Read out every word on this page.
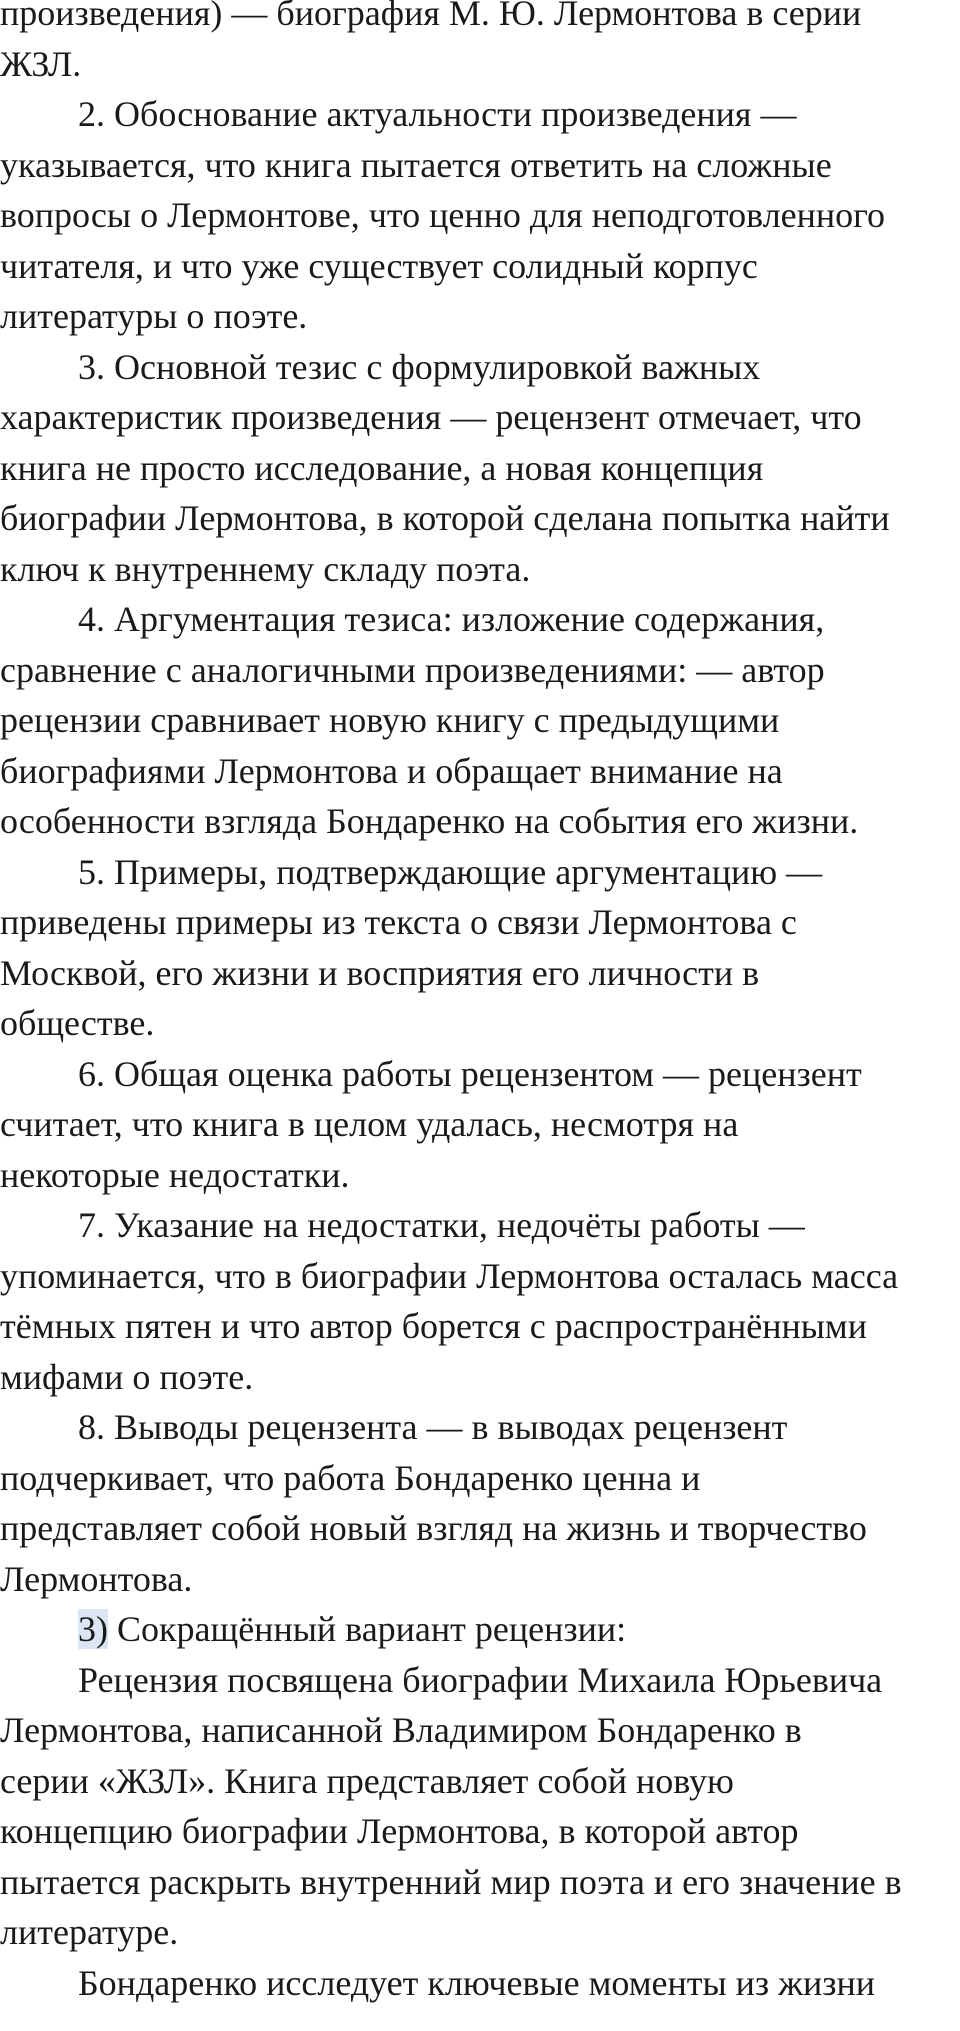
произведения) — биография М. Ю. Лермонтова в серии
ЖЗЛ.
2. Обоснование актуальности произведения —
указывается, что книга пытается ответить на сложные
вопросы о Лермонтове, что ценно для неподготовленного
читателя, и что уже существует солидный корпус
литературы о поэте.
3. Основной тезис с формулировкой важных
характеристик произведения — рецензент отмечает, что
книга не просто исследование, а новая концепция
биографии Лермонтова, в которой сделана попытка найти
ключ к внутреннему складу поэта.
4. Аргументация тезиса: изложение содержания,
сравнение с аналогичными произведениями: — автор
рецензии сравнивает новую книгу с предыдущими
биографиями Лермонтова и обращает внимание на
особенности взгляда Бондаренко на события его жизни.
5. Примеры, подтверждающие аргументацию —
приведены примеры из текста о связи Лермонтова с
Москвой, его жизни и восприятия его личности в
обществе.
6. Общая оценка работы рецензентом — рецензент
считает, что книга в целом удалась, несмотря на
некоторые недостатки.
7. Указание на недостатки, недочёты работы —
упоминается, что в биографии Лермонтова осталась масса
тёмных пятен и что автор борется с распространёнными
мифами о поэте.
8. Выводы рецензента — в выводах рецензент
подчеркивает, что работа Бондаренко ценна и
представляет собой новый взгляд на жизнь и творчество
Лермонтова.
3) Сокращённый вариант рецензии:
Рецензия посвящена биографии Михаила Юрьевича
Лермонтова, написанной Владимиром Бондаренко в
серии «ЖЗЛ». Книга представляет собой новую
концепцию биографии Лермонтова, в которой автор
пытается раскрыть внутренний мир поэта и его значение в
литературе.
Бондаренко исследует ключевые моменты из жизни
